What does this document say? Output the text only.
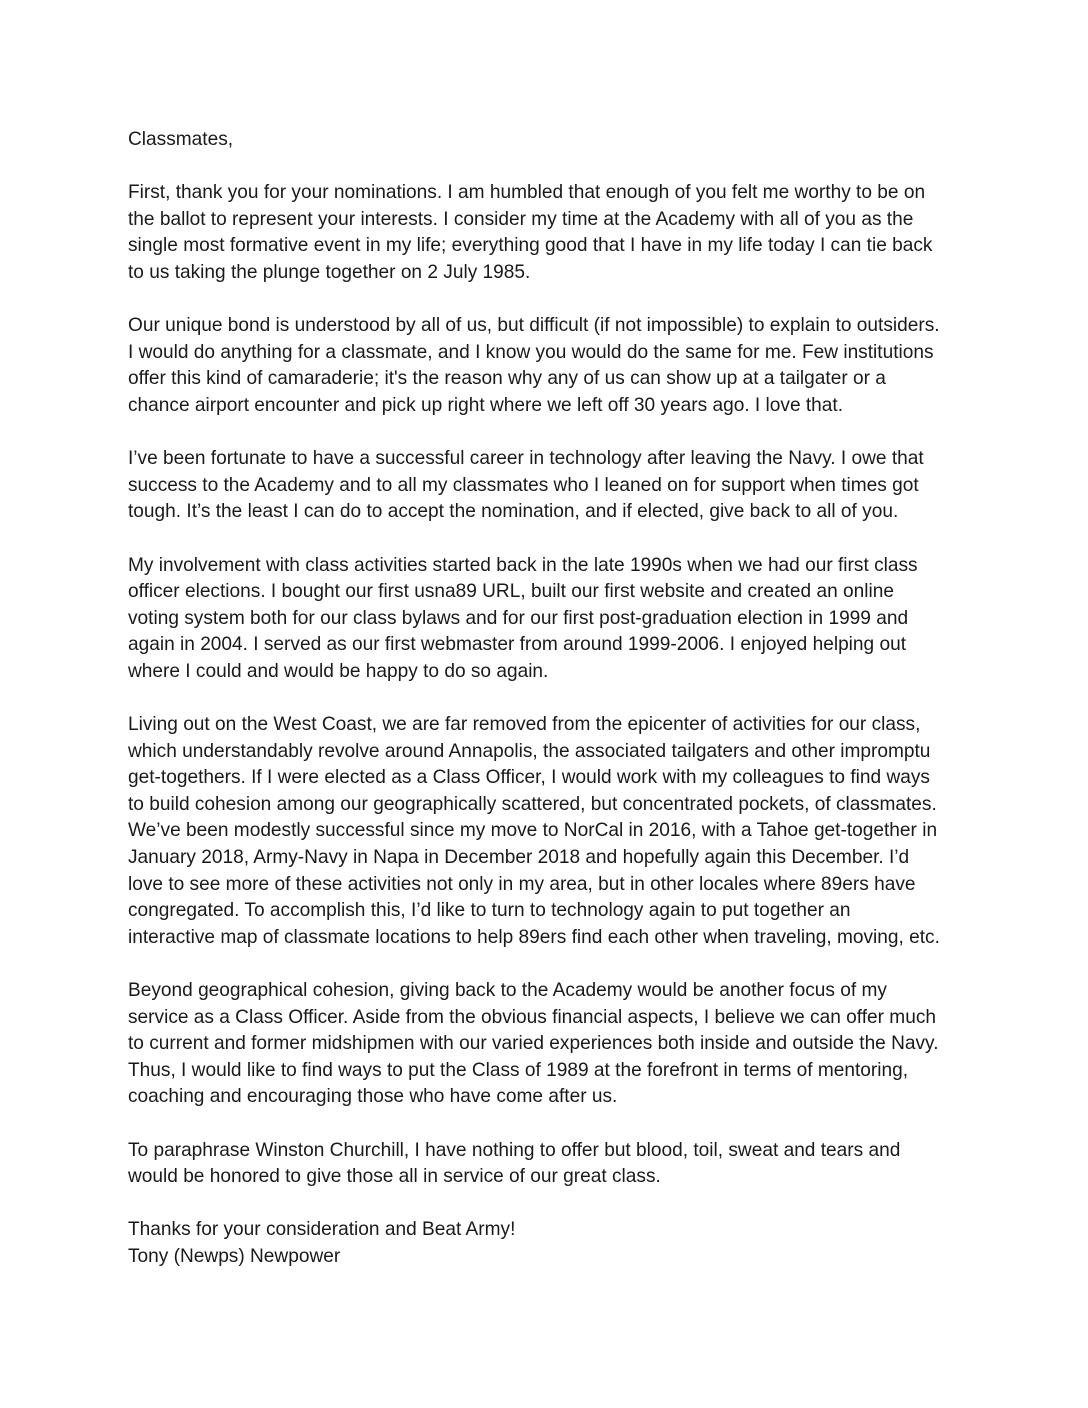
Classmates,

First, thank you for your nominations. I am humbled that enough of you felt me worthy to be on
the ballot to represent your interests. I consider my time at the Academy with all of you as the
single most formative event in my life; everything good that I have in my life today I can tie back
to us taking the plunge together on 2 July 1985.

Our unique bond is understood by all of us, but difficult (if not impossible) to explain to outsiders.
I would do anything for a classmate, and I know you would do the same for me. Few institutions
offer this kind of camaraderie; it's the reason why any of us can show up at a tailgater or a
chance airport encounter and pick up right where we left off 30 years ago. I love that.

I’ve been fortunate to have a successful career in technology after leaving the Navy. I owe that
success to the Academy and to all my classmates who I leaned on for support when times got
tough. It’s the least I can do to accept the nomination, and if elected, give back to all of you.

My involvement with class activities started back in the late 1990s when we had our first class
officer elections. I bought our first usna89 URL, built our first website and created an online
voting system both for our class bylaws and for our first post-graduation election in 1999 and
again in 2004. I served as our first webmaster from around 1999-2006. I enjoyed helping out
where I could and would be happy to do so again.

Living out on the West Coast, we are far removed from the epicenter of activities for our class,
which understandably revolve around Annapolis, the associated tailgaters and other impromptu
get-togethers. If I were elected as a Class Officer, I would work with my colleagues to find ways
to build cohesion among our geographically scattered, but concentrated pockets, of classmates.
We’ve been modestly successful since my move to NorCal in 2016, with a Tahoe get-together in
January 2018, Army-Navy in Napa in December 2018 and hopefully again this December. I’d
love to see more of these activities not only in my area, but in other locales where 89ers have
congregated. To accomplish this, I’d like to turn to technology again to put together an
interactive map of classmate locations to help 89ers find each other when traveling, moving, etc.

Beyond geographical cohesion, giving back to the Academy would be another focus of my
service as a Class Officer. Aside from the obvious financial aspects, I believe we can offer much
to current and former midshipmen with our varied experiences both inside and outside the Navy.
Thus, I would like to find ways to put the Class of 1989 at the forefront in terms of mentoring,
coaching and encouraging those who have come after us.

To paraphrase Winston Churchill, I have nothing to offer but blood, toil, sweat and tears and
would be honored to give those all in service of our great class.

Thanks for your consideration and Beat Army!
Tony (Newps) Newpower
